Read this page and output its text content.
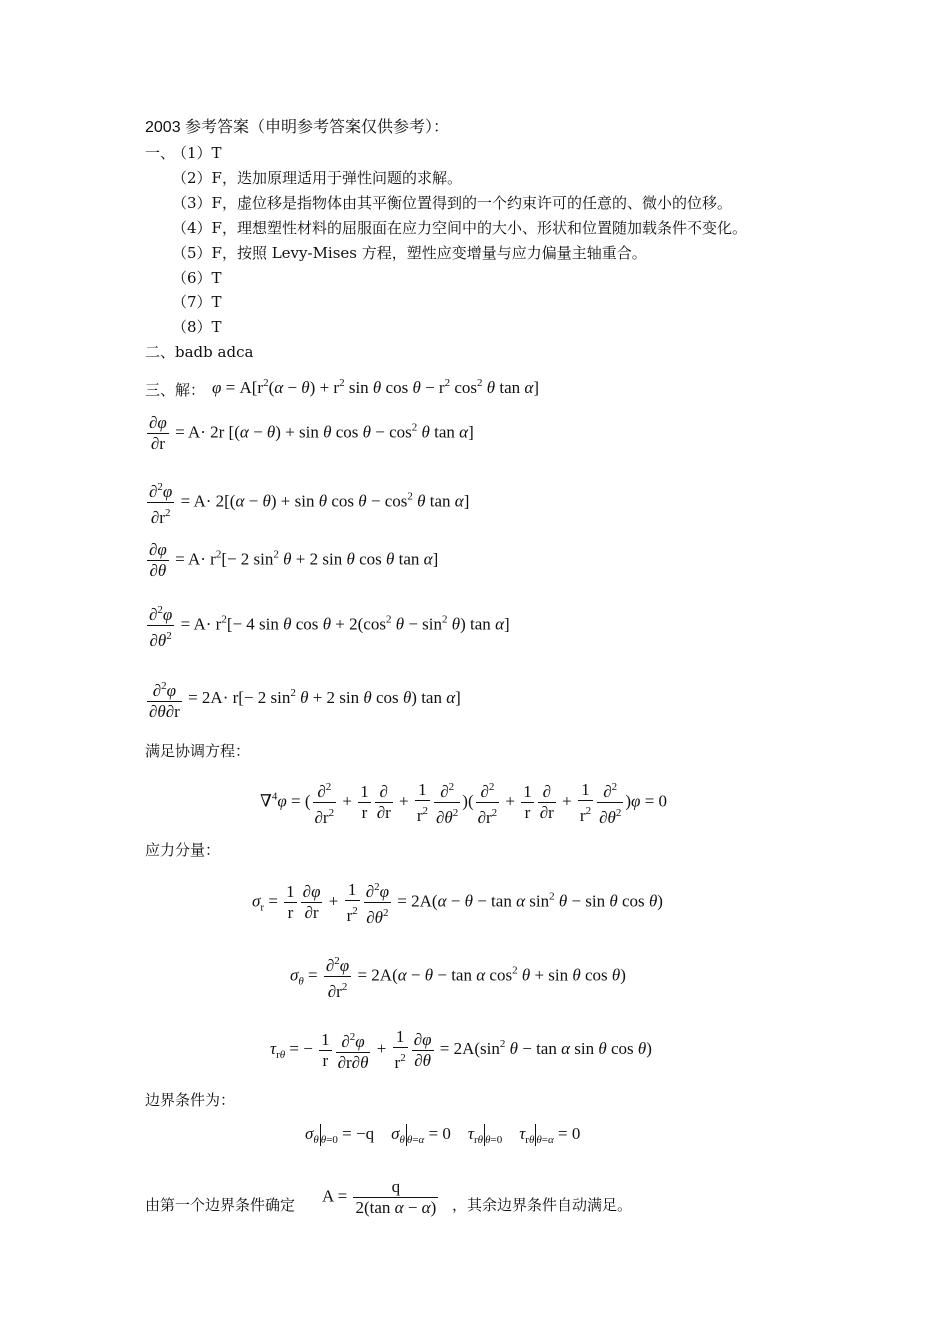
2003 参考答案（申明参考答案仅供参考）：
一、
（1）T
（2）F，迭加原理适用于弹性问题的求解。
（3）F，虚位移是指物体由其平衡位置得到的一个约束许可的任意的、微小的位移。
（4）F，理想塑性材料的屈服面在应力空间中的大小、形状和位置随加载条件不变化。
（5）F，按照 Levy-Mises 方程，塑性应变增量与应力偏量主轴重合。
（6）T
（7）T
（8）T
二、badb adca
三、解： $\varphi = A[r^2(\alpha - \theta) + r^2$ sin θ $\cos \theta - r^2$ $\cos^2 \theta$ tan α]
$\frac{\partial\varphi}{\partial r} = A\cdot 2r$ [(α − θ) + sin θ $\cos \theta - \cos^2 \theta$ tan α]
$\frac{\partial^2\varphi}{\partial r^2} = A\cdot 2[(\alpha - \theta) + \sin \theta$ $\cos \theta - \cos^2 \theta$ tan α]
$\frac{\partial\varphi}{\partial\theta} = A\cdot r^2[- 2$ $\sin^2 \theta + 2$ sin θ cos θ tan α]
$\frac{\partial^2\varphi}{\partial\theta^2} = A\cdot r^2[- 4$ sin θ $\cos \theta + 2(\cos^2$ $\theta - \sin^2 \theta$) tan α]
$\frac{\partial^2\varphi}{\partial\theta\partial r} = 2A\cdot r[- 2$ $\sin^2 \theta + 2$ sin θ cos θ) tan α]
满足协调方程：
∇$^4$φ = ( $\frac{\partial^2}{\partial r^2} + \frac{1}{r} \frac{\partial}{\partial r} + \frac{1}{r^2} \frac{\partial^2}{\partial\theta^2}$ )( $\frac{\partial^2}{\partial r^2} + \frac{1}{r} \frac{\partial}{\partial r} + \frac{1}{r^2} \frac{\partial^2}{\partial\theta^2} )\varphi = 0$
应力分量：
$\sigma_r = \frac{1}{r} \frac{\partial\varphi}{\partial r} + \frac{1}{r^2} \frac{\partial^2\varphi}{\partial\theta^2} = 2A(\alpha - \theta - \tan \alpha$ $\sin^2 \theta - \sin \theta$ cos θ)
$\sigma_\theta = \frac{\partial^2\varphi}{\partial r^2} = 2A(\alpha - \theta - \tan \alpha$ $\cos^2 \theta + \sin \theta$ cos θ)
$\tau_{r\theta}$ = − $\frac{1}{r} \frac{\partial^2\varphi}{\partial r\partial\theta} + \frac{1}{r^2} \frac{\partial\varphi}{\partial\theta} = 2A(\sin^2$ θ − tan α sin θ cos θ)
边界条件为：
$\sigma_\theta$ $_{\theta=0}$ = −q    $\sigma_\theta$ $_{\theta=\alpha}$ = 0    $\tau_{r\theta}$ $_{\theta=0}$ $\tau_{r\theta}$ $_{\theta=\alpha}$ = 0
由第一个边界条件确定 $A = \frac{q}{\text{2(tan α − α)}}$ ，其余边界条件自动满足。
